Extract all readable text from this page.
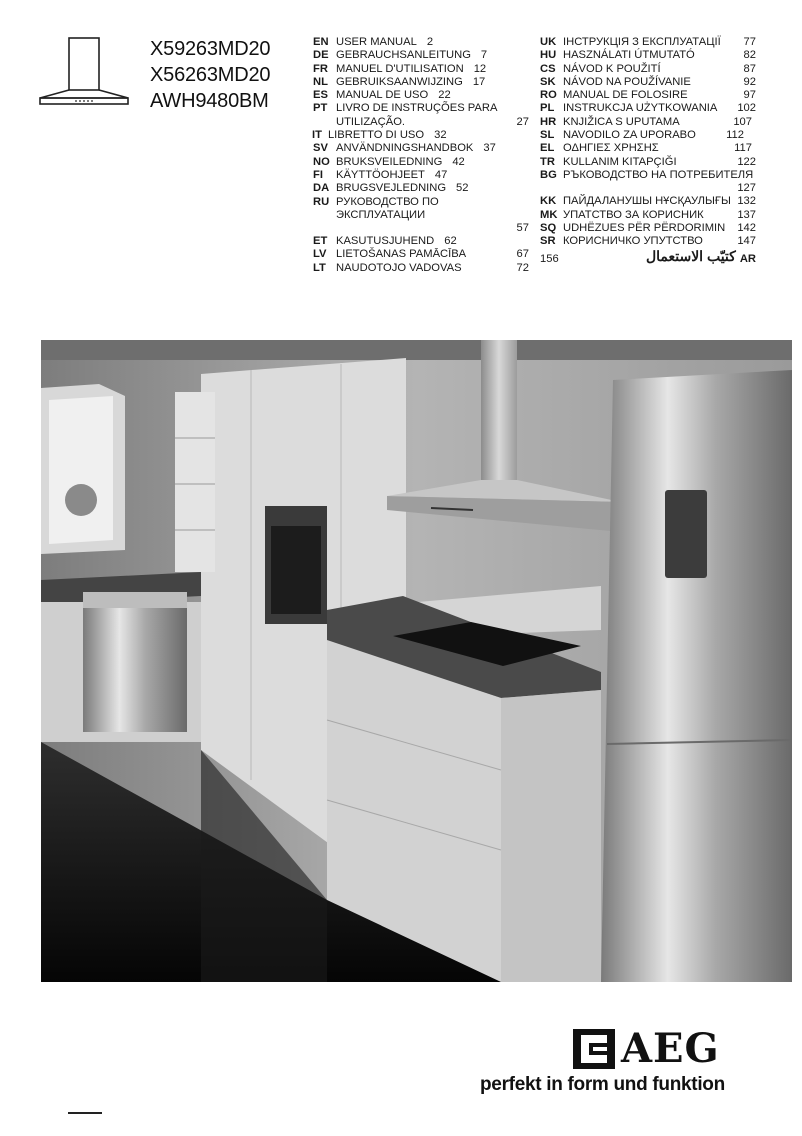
X59263MD20
X56263MD20
AWH9480BM
EN USER MANUAL 2
DE GEBRAUCHSANLEITUNG 7
FR MANUEL D'UTILISATION 12
NL GEBRUIKSAANWIJZING 17
ES MANUAL DE USO 22
PT LIVRO DE INSTRUÇÕES PARA UTILIZAÇÃO.	27
IT LIBRETTO DI USO 32
SV ANVÄNDNINGSHANDBOK 37
NO BRUKSVEILEDNING 42
FI	KÄYTTÖOHJEET 47
DA BRUGSVEJLEDNING 52
RU РУКОВОДСТВО ПО ЭКСПЛУАТАЦИИ
57
ET KASUTUSJUHEND 62
LV LIETOŠANAS PAMĀCĪBA	67
LT NAUDOTOJO VADOVAS	72
UK ІНСТРУКЦІЯ З ЕКСПЛУАТАЦІЇ 77
HU HASZNÁLATI ÚTMUTATÓ	82
CS NÁVOD K POUŽITÍ	87
SK NÁVOD NA POUŽÍVANIE	92
RO MANUAL DE FOLOSIRE	97
PL INSTRUKCJA UŻYTKOWANIA 102
HR KNJIŽICA S UPUTAMA	107
SL NAVODILO ZA UPORABO	112
EL ΟΔΗΓΙΕΣ ΧΡΗΣΗΣ	117
TR KULLANIM KITAPÇIĞI	122
BG РЪКОВОДСТВО НА ПОТРЕБИТЕЛЯ
127
KK ПАЙДАЛАНУШЫ НҰСҚАУЛЫҒЫ 132
MK УПАТСТВО ЗА КОРИСНИК	137
SQ UDHËZUES PËR PËRDORIMIN 142
SR КОРИСНИЧКО УПУТСТВО	147
156	كتيّب الاستعمال AR
AEG
perfekt in form und funktion
